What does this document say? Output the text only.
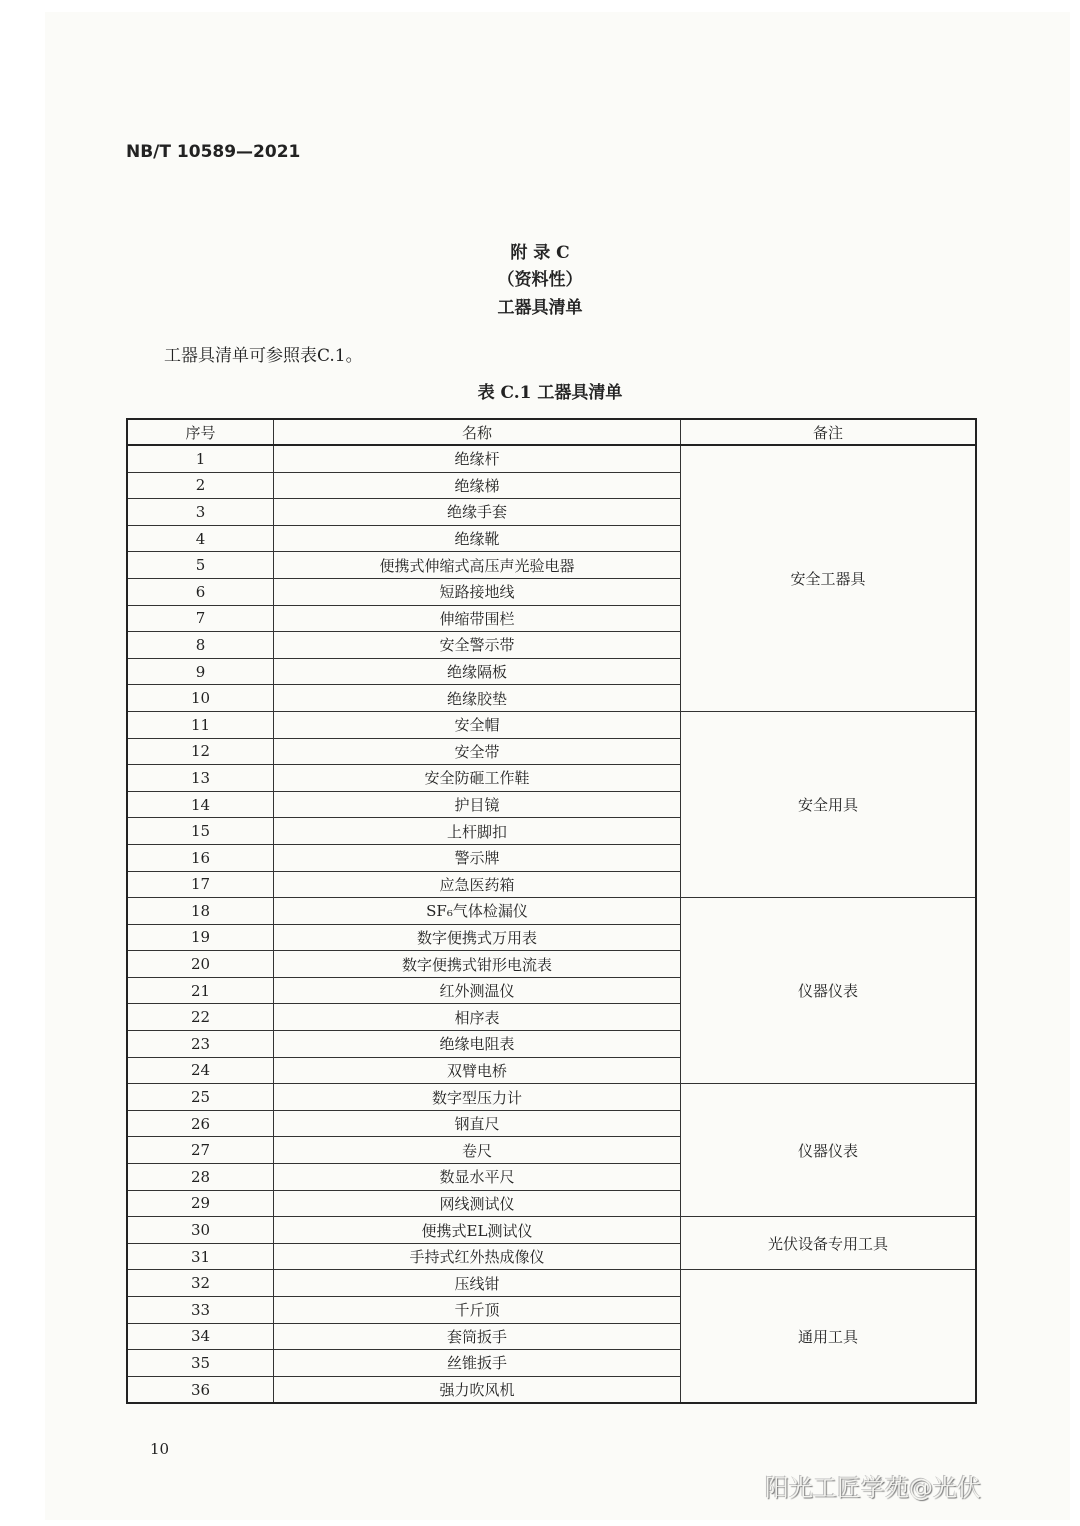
NB/T 10589—2021
附 录 C
（资料性）
工器具清单
工器具清单可参照表C.1。
表 C.1 工器具清单
序号	名称	备注
1	绝缘杆	安全工器具
2	绝缘梯	
3	绝缘手套	
4	绝缘靴	
5	便携式伸缩式高压声光验电器	
6	短路接地线	
7	伸缩带围栏	
8	安全警示带	
9	绝缘隔板	
10	绝缘胶垫	
11	安全帽	安全用具
12	安全带	
13	安全防砸工作鞋	
14	护目镜	
15	上杆脚扣	
16	警示牌	
17	应急医药箱	
18	SF₆气体检漏仪	仪器仪表
19	数字便携式万用表	
20	数字便携式钳形电流表	
21	红外测温仪	
22	相序表	
23	绝缘电阻表	
24	双臂电桥	
25	数字型压力计	仪器仪表
26	钢直尺	
27	卷尺	
28	数显水平尺	
29	网线测试仪	
30	便携式EL测试仪	光伏设备专用工具
31	手持式红外热成像仪	
32	压线钳	通用工具
33	千斤顶	
34	套筒扳手	
35	丝锥扳手	
36	强力吹风机	
10
阳光工匠学苑@光伏
